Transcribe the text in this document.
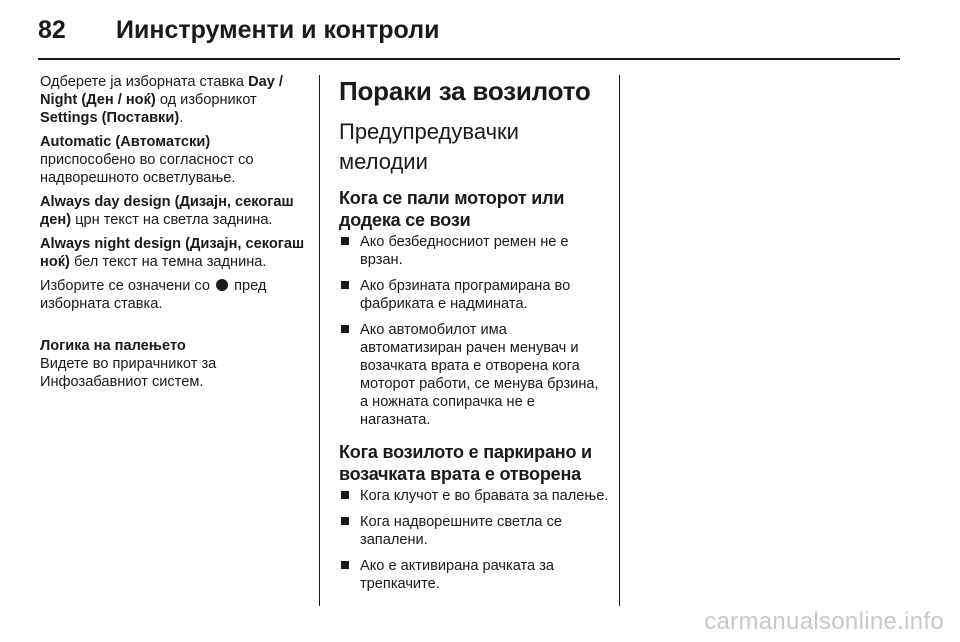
82	Иинструменти и контроли

Одберете ја изборната ставка Day / Night (Ден / ноќ) од изборникот Settings (Поставки).

Automatic (Автоматски)
приспособено во согласност со надворешното осветлување.

Always day design (Дизајн, секогаш ден) црн текст на светла заднина.

Always night design (Дизајн, секогаш ноќ) бел текст на темна заднина.

Изборите се означени со  пред изборната ставка.

Логика на палењето

Видете во прирачникот за Инфозабавниот систем.

Пораки за возилото
Предупредувачки мелодии
Кога се пали моторот или додека се вози
Ако безбедносниот ремен не е врзан.
Ако брзината програмирана во фабриката е надминатa.
Ако автомобилот има автоматизиран рачен менувач и возачката врата е отворена кога моторот работи, се менува брзина, а ножната сопирачка не е нагазната.
Кога возилото е паркирано и возачката врата е отворена
Кога клучот е во бравата за палење.
Кога надворешните светла се запалени.
Ако е активирана рачката за трепкачите.
carmanualsonline.info
